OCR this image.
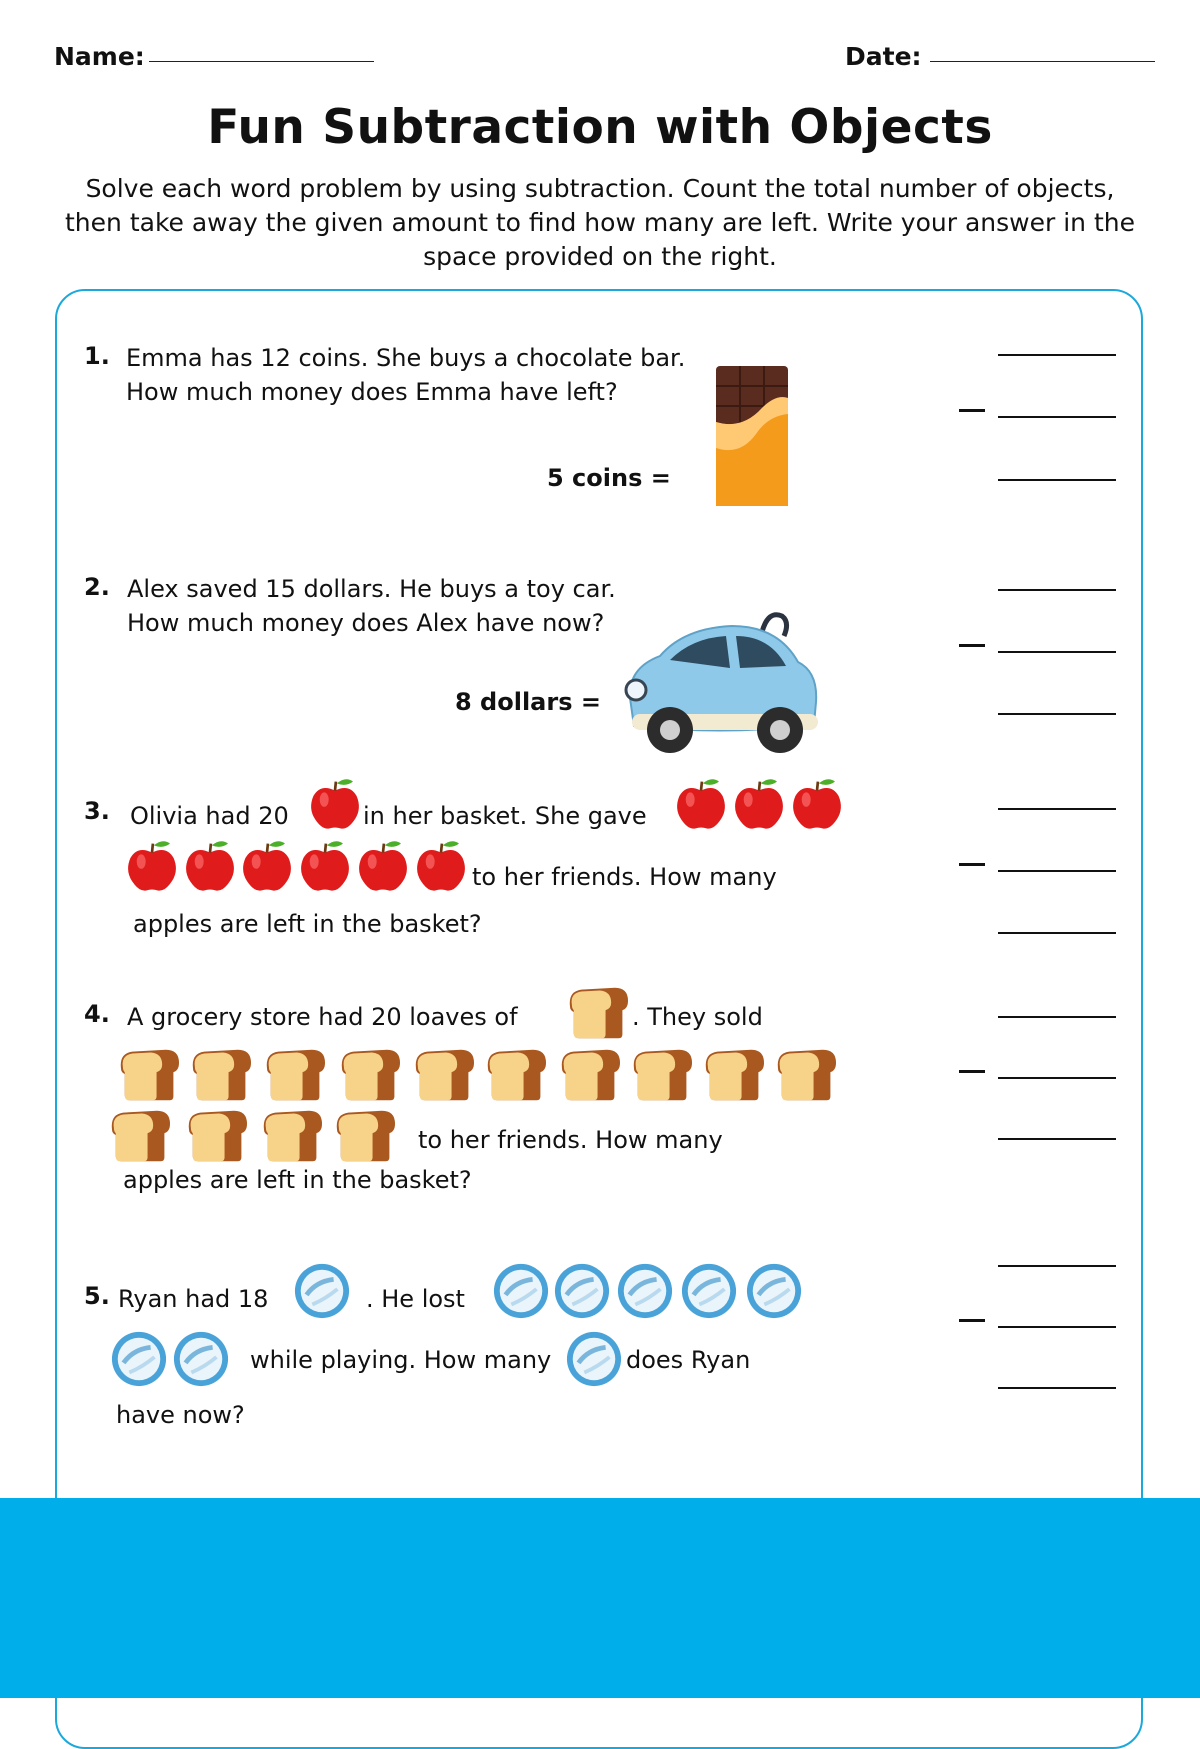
Name:	Date:
Fun Subtraction with Objects
Solve each word problem by using subtraction. Count the total number of objects, then take away the given amount to find how many are left. Write your answer in the space provided on the right.
1. Emma has 12 coins. She buys a chocolate bar. How much money does Emma have left?
5 coins =
2. Alex saved 15 dollars. He buys a toy car. How much money does Alex have now?
8 dollars =
3. Olivia had 20	in her basket. She gave
to her friends. How many
apples are left in the basket?
4. A grocery store had 20 loaves of	. They sold
to her friends. How many
apples are left in the basket?
5. Ryan had 18	. He lost
while playing. How many	does Ryan
have now?
